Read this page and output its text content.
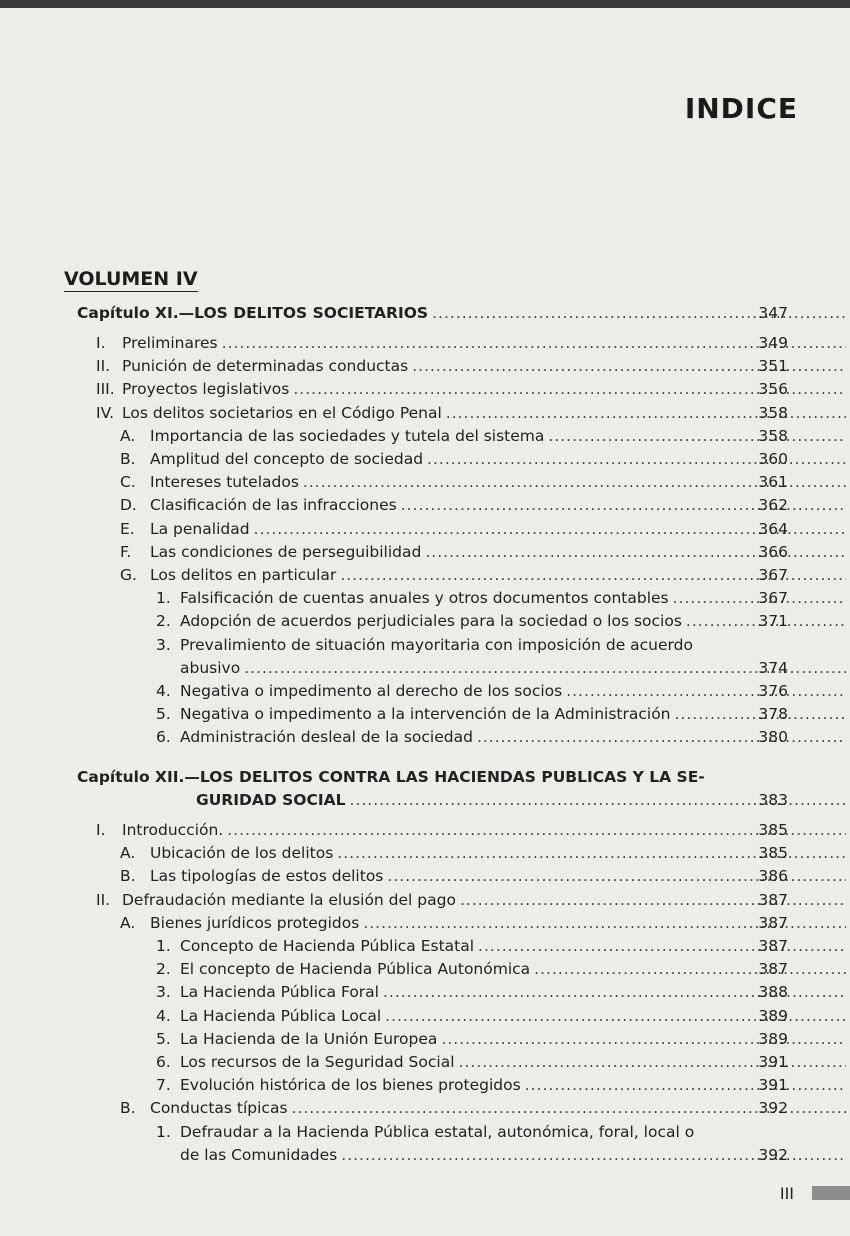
INDICE
VOLUMEN IV
Capítulo XI.—LOS DELITOS SOCIETARIOS .....	347
I. Preliminares .....	349
II. Punición de determinadas conductas .....	351
III. Proyectos legislativos .....	356
IV. Los delitos societarios en el Código Penal .....	358
A. Importancia de las sociedades y tutela del sistema .....	358
B. Amplitud del concepto de sociedad .....	360
C. Intereses tutelados .....	361
D. Clasificación de las infracciones .....	362
E. La penalidad .....	364
F. Las condiciones de perseguibilidad .....	366
G. Los delitos en particular .....	367
1. Falsificación de cuentas anuales y otros documentos contables .....	367
2. Adopción de acuerdos perjudiciales para la sociedad o los socios .....	371
3. Prevalimiento de situación mayoritaria con imposición de acuerdo
abusivo .....	374
4. Negativa o impedimento al derecho de los socios .....	376
5. Negativa o impedimento a la intervención de la Administración .....	378
6. Administración desleal de la sociedad .....	380
Capítulo XII.—LOS DELITOS CONTRA LAS HACIENDAS PUBLICAS Y LA SE-
GURIDAD SOCIAL .....	383
I. Introducción. .....	385
A. Ubicación de los delitos .....	385
B. Las tipologías de estos delitos .....	386
II. Defraudación mediante la elusión del pago .....	387
A. Bienes jurídicos protegidos .....	387
1. Concepto de Hacienda Pública Estatal .....	387
2. El concepto de Hacienda Pública Autonómica .....	387
3. La Hacienda Pública Foral .....	388
4. La Hacienda Pública Local .....	389
5. La Hacienda de la Unión Europea .....	389
6. Los recursos de la Seguridad Social .....	391
7. Evolución histórica de los bienes protegidos .....	391
B. Conductas típicas .....	392
1. Defraudar a la Hacienda Pública estatal, autonómica, foral, local o
de las Comunidades .....	392
III
